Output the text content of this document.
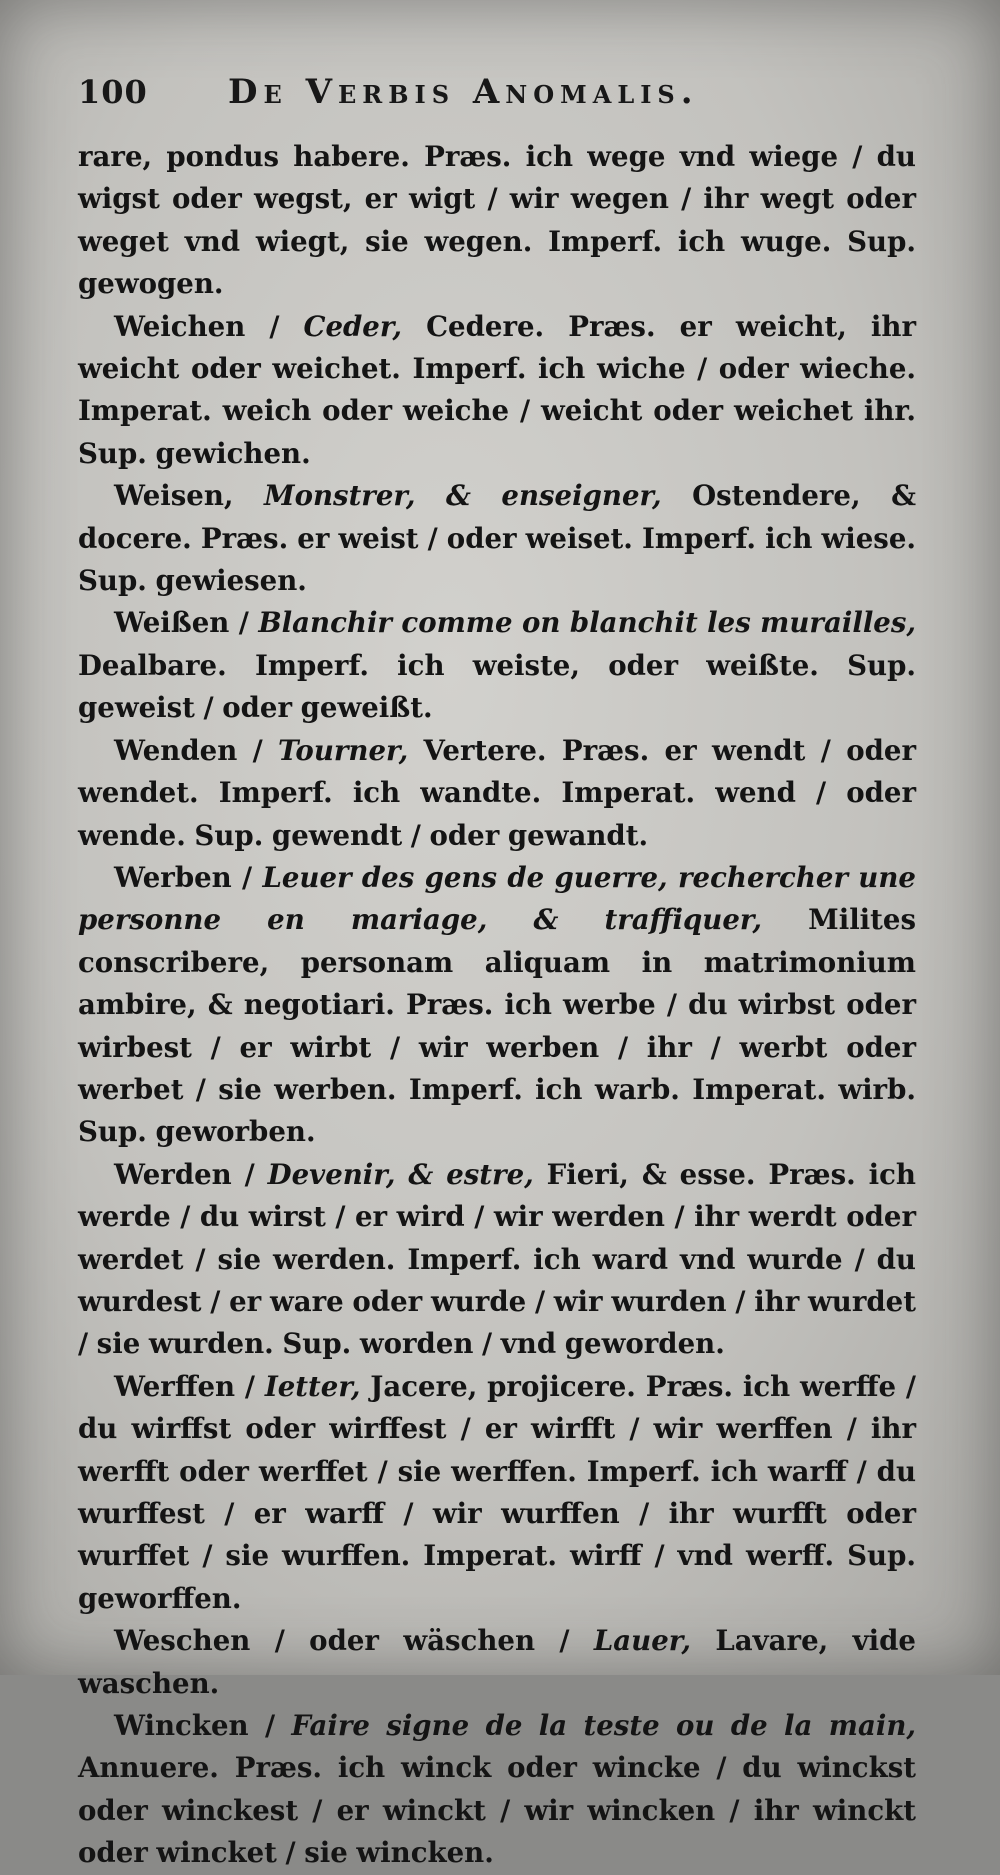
100	De Verbis Anomalis.

rare, pondus habere. Præs. ich wege vnd wiege / du wigst oder wegst, er wigt / wir wegen / ihr wegt oder weget vnd wiegt, sie wegen. Imperf. ich wuge. Sup. gewogen.

Weichen / Ceder, Cedere. Præs. er weicht, ihr weicht oder weichet. Imperf. ich wiche / oder wieche. Imperat. weich oder weiche / weicht oder weichet ihr. Sup. gewichen.

Weisen, Monstrer, & enseigner, Ostendere, & docere. Præs. er weist / oder weiset. Imperf. ich wiese. Sup. gewiesen.

Weißen / Blanchir comme on blanchit les murailles, Dealbare. Imperf. ich weiste, oder weißte. Sup. geweist / oder geweißt.

Wenden / Tourner, Vertere. Præs. er wendt / oder wendet. Imperf. ich wandte. Imperat. wend / oder wende. Sup. gewendt / oder gewandt.

Werben / Leuer des gens de guerre, rechercher une personne en mariage, & traffiquer, Milites conscribere, personam aliquam in matrimonium ambire, & negotiari. Præs. ich werbe / du wirbst oder wirbest / er wirbt / wir werben / ihr / werbt oder werbet / sie werben. Imperf. ich warb. Imperat. wirb. Sup. geworben.

Werden / Devenir, & estre, Fieri, & esse. Præs. ich werde / du wirst / er wird / wir werden / ihr werdt oder werdet / sie werden. Imperf. ich ward vnd wurde / du wurdest / er ware oder wurde / wir wurden / ihr wurdet / sie wurden. Sup. worden / vnd geworden.

Werffen / Ietter, Jacere, projicere. Præs. ich werffe / du wirffst oder wirffest / er wirfft / wir werffen / ihr werfft oder werffet / sie werffen. Imperf. ich warff / du wurffest / er warff / wir wurffen / ihr wurfft oder wurffet / sie wurffen. Imperat. wirff / vnd werff. Sup. geworffen.

Weschen / oder wäschen / Lauer, Lavare, vide waschen.

Wincken / Faire signe de la teste ou de la main, Annuere. Præs. ich winck oder wincke / du winckst oder winckest / er winckt / wir wincken / ihr winckt oder wincket / sie wincken.
